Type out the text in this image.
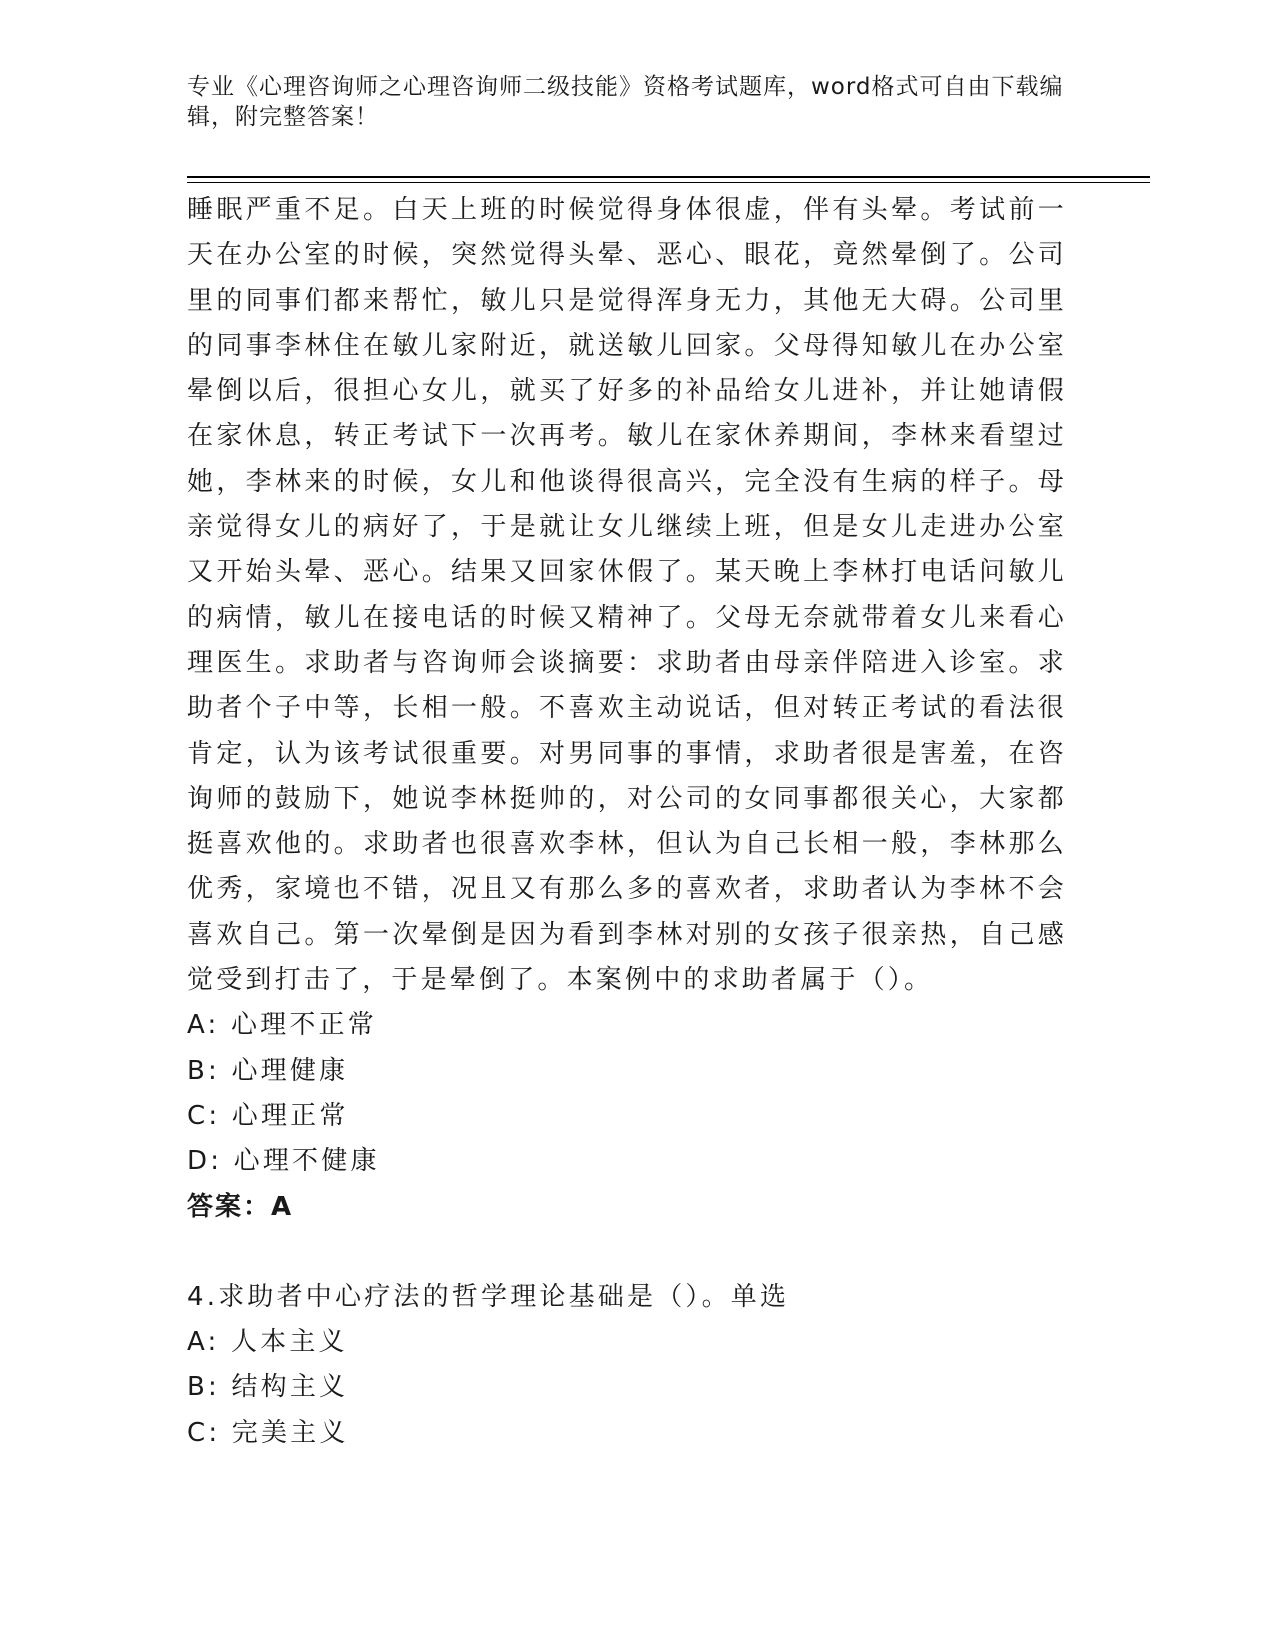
专业《心理咨询师之心理咨询师二级技能》资格考试题库，word格式可自由下载编辑，附完整答案！

睡眠严重不足。白天上班的时候觉得身体很虚，伴有头晕。考试前一天在办公室的时候，突然觉得头晕、恶心、眼花，竟然晕倒了。公司里的同事们都来帮忙，敏儿只是觉得浑身无力，其他无大碍。公司里的同事李林住在敏儿家附近，就送敏儿回家。父母得知敏儿在办公室晕倒以后，很担心女儿，就买了好多的补品给女儿进补，并让她请假在家休息，转正考试下一次再考。敏儿在家休养期间，李林来看望过她，李林来的时候，女儿和他谈得很高兴，完全没有生病的样子。母亲觉得女儿的病好了，于是就让女儿继续上班，但是女儿走进办公室又开始头晕、恶心。结果又回家休假了。某天晚上李林打电话问敏儿的病情，敏儿在接电话的时候又精神了。父母无奈就带着女儿来看心理医生。求助者与咨询师会谈摘要：求助者由母亲伴陪进入诊室。求助者个子中等，长相一般。不喜欢主动说话，但对转正考试的看法很肯定，认为该考试很重要。对男同事的事情，求助者很是害羞，在咨询师的鼓励下，她说李林挺帅的，对公司的女同事都很关心，大家都挺喜欢他的。求助者也很喜欢李林，但认为自己长相一般，李林那么优秀，家境也不错，况且又有那么多的喜欢者，求助者认为李林不会喜欢自己。第一次晕倒是因为看到李林对别的女孩子很亲热，自己感觉受到打击了，于是晕倒了。本案例中的求助者属于（）。

A: 心理不正常

B: 心理健康

C: 心理正常

D: 心理不健康

答案：A

4.求助者中心疗法的哲学理论基础是（）。单选

A: 人本主义

B: 结构主义

C: 完美主义
